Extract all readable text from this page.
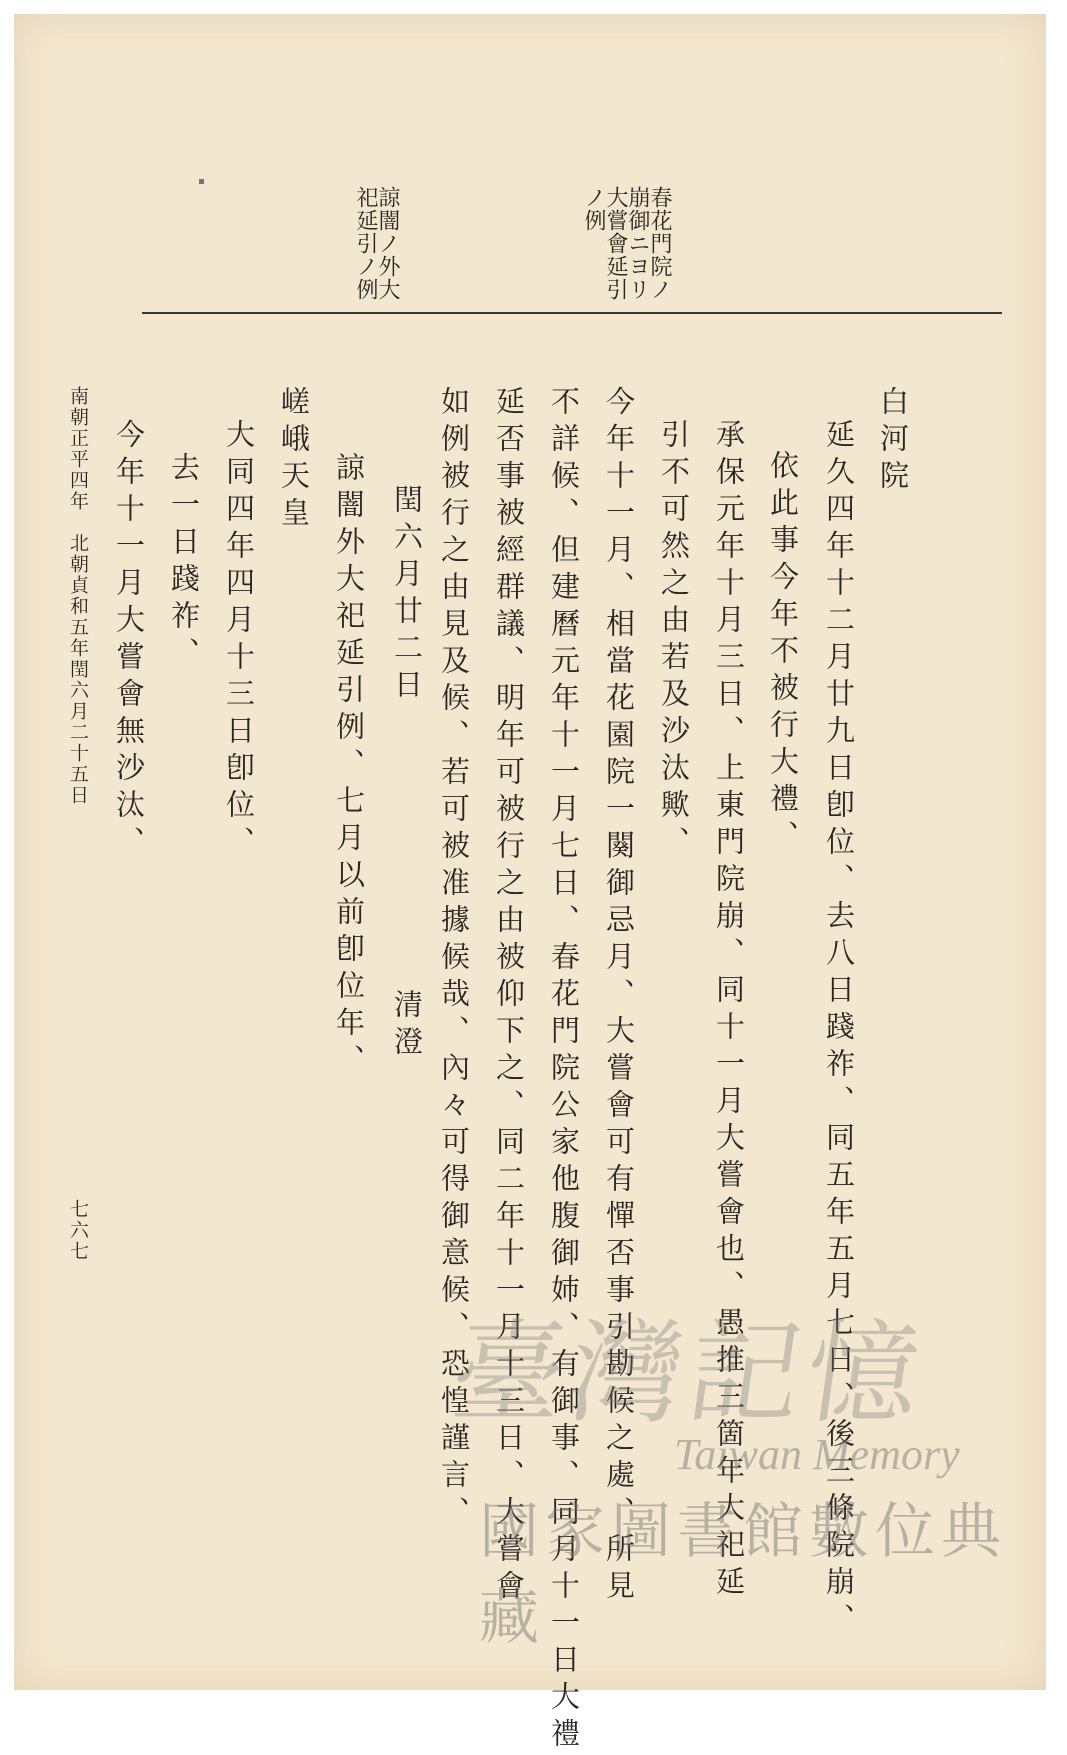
春花門院ノ崩御ニヨリ大嘗會延引ノ例
諒闇ノ外大祀延引ノ例
白河院
延久四年十二月廿九日卽位、去八日踐祚、同五年五月七日、後三條院崩、
依此事今年不被行大禮、
承保元年十月三日、上東門院崩、同十一月大嘗會也、愚推三箇年大祀延
引不可然之由若及沙汰歟、
今年十一月、相當花園院一闋御忌月、大嘗會可有憚否事引勘候之處、所見
不詳候、但建曆元年十一月七日、春花門院公家他腹御姉、有御事、同月十一日大禮
延否事被經群議、明年可被行之由被仰下之、同二年十一月十三日、大嘗會
如例被行之由見及候、若可被准據候哉、內々可得御意候、恐惶謹言、
閏六月廿二日
清澄
諒闇外大祀延引例、七月以前卽位年、
嵯峨天皇
大同四年四月十三日卽位、
去一日踐祚、
今年十一月大嘗會無沙汰、
南朝正平四年　北朝貞和五年閏六月二十五日
七六七
臺灣記憶
Taiwan Memory
國家圖書館數位典藏
